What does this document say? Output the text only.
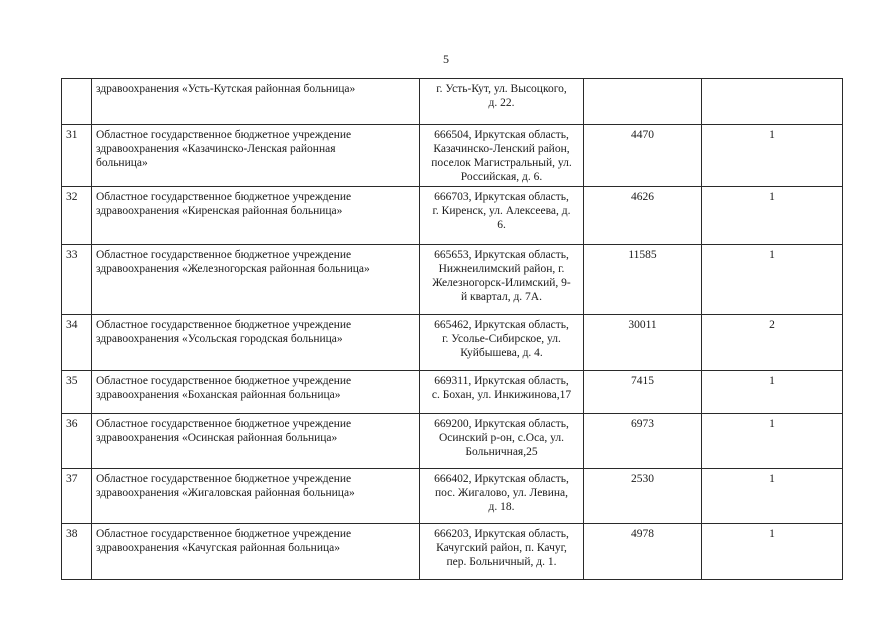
5

	здравоохранения «Усть-Кутская районная больница»	г. Усть-Кут, ул. Высоцкого,
д. 22.		

31	Областное государственное бюджетное учреждение
здравоохранения «Казачинско-Ленская районная
больница»	666504, Иркутская область,
Казачинско-Ленский район,
поселок Магистральный, ул.
Российская, д. 6.	4470	1
32	Областное государственное бюджетное учреждение
здравоохранения «Киренская районная больница»	666703, Иркутская область,
г. Киренск, ул. Алексеева, д.
6.	4626	1
33	Областное государственное бюджетное учреждение
здравоохранения «Железногорская районная больница»	665653, Иркутская область,
Нижнеилимский район, г.
Железногорск-Илимский, 9-
й квартал, д. 7А.	11585	1
34	Областное государственное бюджетное учреждение
здравоохранения «Усольская городская больница»	665462, Иркутская область,
г. Усолье-Сибирское, ул.
Куйбышева, д. 4.	30011	2
35	Областное государственное бюджетное учреждение
здравоохранения «Боханская районная больница»	669311, Иркутская область,
с. Бохан, ул. Инкижинова,17	7415	1
36	Областное государственное бюджетное учреждение
здравоохранения «Осинская районная больница»	669200, Иркутская область,
Осинский р-он, с.Оса, ул.
Больничная,25	6973	1
37	Областное государственное бюджетное учреждение
здравоохранения «Жигаловская районная больница»	666402, Иркутская область,
пос. Жигалово, ул. Левина,
д. 18.	2530	1
38	Областное государственное бюджетное учреждение
здравоохранения «Качугская районная больница»	666203, Иркутская область,
Качугский район, п. Качуг,
пер. Больничный, д. 1.	4978	1
